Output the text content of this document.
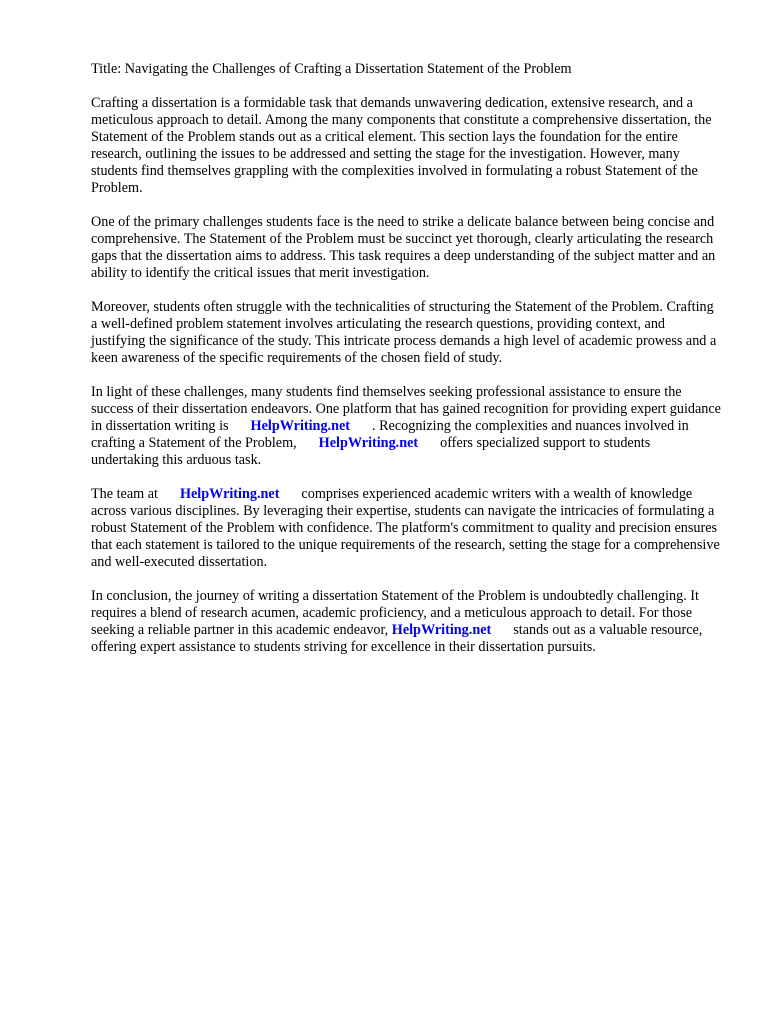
Title: Navigating the Challenges of Crafting a Dissertation Statement of the Problem

Crafting a dissertation is a formidable task that demands unwavering dedication, extensive research, and a meticulous approach to detail. Among the many components that constitute a comprehensive dissertation, the Statement of the Problem stands out as a critical element. This section lays the foundation for the entire research, outlining the issues to be addressed and setting the stage for the investigation. However, many students find themselves grappling with the complexities involved in formulating a robust Statement of the Problem.

One of the primary challenges students face is the need to strike a delicate balance between being concise and comprehensive. The Statement of the Problem must be succinct yet thorough, clearly articulating the research gaps that the dissertation aims to address. This task requires a deep understanding of the subject matter and an ability to identify the critical issues that merit investigation.

Moreover, students often struggle with the technicalities of structuring the Statement of the Problem. Crafting a well-defined problem statement involves articulating the research questions, providing context, and justifying the significance of the study. This intricate process demands a high level of academic prowess and a keen awareness of the specific requirements of the chosen field of study.

In light of these challenges, many students find themselves seeking professional assistance to ensure the success of their dissertation endeavors. One platform that has gained recognition for providing expert guidance in dissertation writing is HelpWriting.net . Recognizing the complexities and nuances involved in crafting a Statement of the Problem, HelpWriting.net offers specialized support to students undertaking this arduous task.

The team at HelpWriting.net comprises experienced academic writers with a wealth of knowledge across various disciplines. By leveraging their expertise, students can navigate the intricacies of formulating a robust Statement of the Problem with confidence. The platform's commitment to quality and precision ensures that each statement is tailored to the unique requirements of the research, setting the stage for a comprehensive and well-executed dissertation.

In conclusion, the journey of writing a dissertation Statement of the Problem is undoubtedly challenging. It requires a blend of research acumen, academic proficiency, and a meticulous approach to detail. For those seeking a reliable partner in this academic endeavor, HelpWriting.net stands out as a valuable resource, offering expert assistance to students striving for excellence in their dissertation pursuits.
